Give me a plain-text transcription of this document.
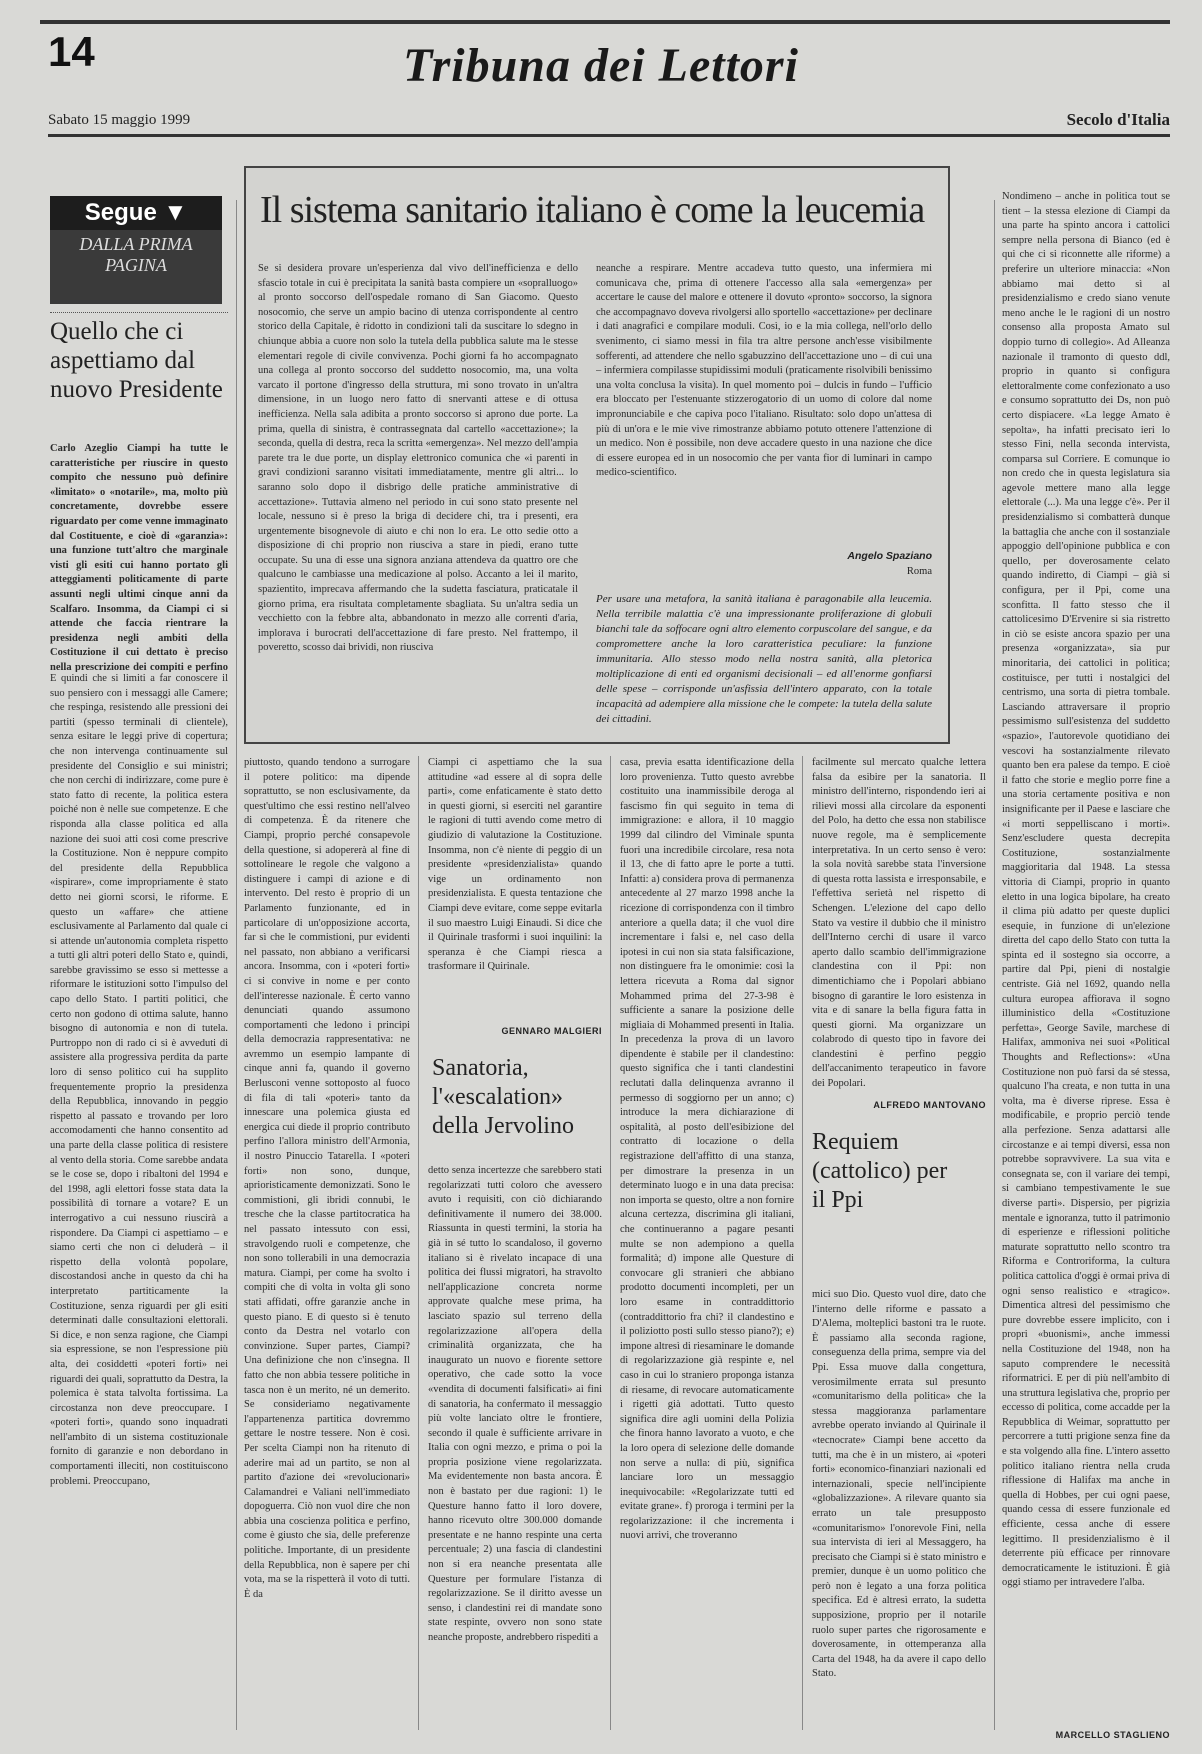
14	Tribuna dei Lettori
Sabato 15 maggio 1999	Secolo d'Italia
Segue ▼
DALLA PRIMA PAGINA
Quello che ci aspettiamo dal nuovo Presidente
Carlo Azeglio Ciampi ha tutte le caratteristiche per riuscire in questo compito che nessuno può definire «limitato» o «notarile», ma, molto più concretamente, dovrebbe essere riguardato per come venne immaginato dal Costituente, e cioè di «garanzia»: una funzione tutt'altro che marginale visti gli esiti cui hanno portato gli atteggiamenti politicamente di parte assunti negli ultimi cinque anni da Scalfaro. Insomma, da Ciampi ci si attende che faccia rientrare la presidenza negli ambiti della Costituzione il cui dettato è preciso nella prescrizione dei compiti e perfino
E quindi che si limiti a far conoscere il suo pensiero con i messaggi alle Camere; che respinga, resistendo alle pressioni dei partiti (spesso terminali di clientele), senza esitare le leggi prive di copertura; che non intervenga continuamente sul presidente del Consiglio e sui ministri; che non cerchi di indirizzare, come pure è stato fatto di recente, la politica estera poiché non è nelle sue competenze. E che risponda alla classe politica ed alla nazione dei suoi atti così come prescrive la Costituzione. Non è neppure compito del presidente della Repubblica «ispirare», come impropriamente è stato detto nei giorni scorsi, le riforme. E questo un «affare» che attiene esclusivamente al Parlamento dal quale ci si attende un'autonomia completa rispetto a tutti gli altri poteri dello Stato e, quindi, sarebbe gravissimo se esso si mettesse a riformare le istituzioni sotto l'impulso del capo dello Stato. I partiti politici, che certo non godono di ottima salute, hanno bisogno di autonomia e non di tutela. Purtroppo non di rado ci si è avveduti di assistere alla progressiva perdita da parte loro di senso politico cui ha supplito frequentemente proprio la presidenza della Repubblica, innovando in peggio rispetto al passato e trovando per loro accomodamenti che hanno consentito ad una parte della classe politica di resistere al vento della storia. Come sarebbe andata se le cose se, dopo i ribaltoni del 1994 e del 1998, agli elettori fosse stata data la possibilità di tornare a votare? E un interrogativo a cui nessuno riuscirà a rispondere. Da Ciampi ci aspettiamo – e siamo certi che non ci deluderà – il rispetto della volontà popolare, discostandosi anche in questo da chi ha interpretato partiticamente la Costituzione, senza riguardi per gli esiti determinati dalle consultazioni elettorali. Si dice, e non senza ragione, che Ciampi sia espressione, se non l'espressione più alta, dei cosiddetti «poteri forti» nei riguardi dei quali, soprattutto da Destra, la polemica è stata talvolta fortissima. La circostanza non deve preoccupare. I «poteri forti», quando sono inquadrati nell'ambito di un sistema costituzionale fornito di garanzie e non debordano in comportamenti illeciti, non costituiscono problemi. Preoccupano,
Il sistema sanitario italiano è come la leucemia
Se si desidera provare un'esperienza dal vivo dell'inefficienza e dello sfascio totale in cui è precipitata la sanità basta compiere un «sopralluogo» al pronto soccorso dell'ospedale romano di San Giacomo. Questo nosocomio, che serve un ampio bacino di utenza corrispondente al centro storico della Capitale, è ridotto in condizioni tali da suscitare lo sdegno in chiunque abbia a cuore non solo la tutela della pubblica salute ma le stesse elementari regole di civile convivenza. Pochi giorni fa ho accompagnato una collega al pronto soccorso del suddetto nosocomio, ma, una volta varcato il portone d'ingresso della struttura, mi sono trovato in un'altra dimensione, in un luogo nero fatto di snervanti attese e di ottusa inefficienza. Nella sala adibita a pronto soccorso si aprono due porte. La prima, quella di sinistra, è contrassegnata dal cartello «accettazione»; la seconda, quella di destra, reca la scritta «emergenza». Nel mezzo dell'ampia parete tra le due porte, un display elettronico comunica che «i parenti in gravi condizioni saranno visitati immediatamente, mentre gli altri... lo saranno solo dopo il disbrigo delle pratiche amministrative di accettazione». Tuttavia almeno nel periodo in cui sono stato presente nel locale, nessuno si è preso la briga di decidere chi, tra i presenti, era urgentemente bisognevole di aiuto e chi non lo era. Le otto sedie otto a disposizione di chi proprio non riusciva a stare in piedi, erano tutte occupate. Su una di esse una signora anziana attendeva da quattro ore che qualcuno le cambiasse una medicazione al polso. Accanto a lei il marito, spazientito, imprecava affermando che la sudetta fasciatura, praticatale il giorno prima, era risultata completamente sbagliata. Su un'altra sedia un vecchietto con la febbre alta, abbandonato in mezzo alle correnti d'aria, implorava i burocrati dell'accettazione di fare presto. Nel frattempo, il poveretto, scosso dai brividi, non riusciva
neanche a respirare. Mentre accadeva tutto questo, una infermiera mi comunicava che, prima di ottenere l'accesso alla sala «emergenza» per accertare le cause del malore e ottenere il dovuto «pronto» soccorso, la signora che accompagnavo doveva rivolgersi allo sportello «accettazione» per declinare i dati anagrafici e compilare moduli. Così, io e la mia collega, nell'orlo dello svenimento, ci siamo messi in fila tra altre persone anch'esse visibilmente sofferenti, ad attendere che nello sgabuzzino dell'accettazione uno – di cui una – infermiera compilasse stupidissimi moduli (praticamente risolvibili benissimo una volta conclusa la visita). In quel momento poi – dulcis in fundo – l'ufficio era bloccato per l'estenuante stizzerogatorio di un uomo di colore dal nome impronunciabile e che capiva poco l'italiano. Risultato: solo dopo un'attesa di più di un'ora e le mie vive rimostranze abbiamo potuto ottenere l'attenzione di un medico. Non è possibile, non deve accadere questo in una nazione che dice di essere europea ed in un nosocomio che per vanta fior di luminari in campo medico-scientifico.
Angelo Spaziano
Roma
Per usare una metafora, la sanità italiana è paragonabile alla leucemia. Nella terribile malattia c'è una impressionante proliferazione di globuli bianchi tale da soffocare ogni altro elemento corpuscolare del sangue, e da compromettere anche la loro caratteristica peculiare: la funzione immunitaria. Allo stesso modo nella nostra sanità, alla pletorica moltiplicazione di enti ed organismi decisionali – ed all'enorme gonfiarsi delle spese – corrisponde un'asfissia dell'intero apparato, con la totale incapacità ad adempiere alla missione che le compete: la tutela della salute dei cittadini.
piuttosto, quando tendono a surrogare il potere politico: ma dipende soprattutto, se non esclusivamente, da quest'ultimo che essi restino nell'alveo di competenza. È da ritenere che Ciampi, proprio perché consapevole della questione, si adopererà al fine di sottolineare le regole che valgono a distinguere i campi di azione e di intervento. Del resto è proprio di un Parlamento funzionante, ed in particolare di un'opposizione accorta, far sì che le commistioni, pur evidenti nel passato, non abbiano a verificarsi ancora. Insomma, con i «poteri forti» ci si convive in nome e per conto dell'interesse nazionale. È certo vanno denunciati quando assumono comportamenti che ledono i principi della democrazia rappresentativa: ne avremmo un esempio lampante di cinque anni fa, quando il governo Berlusconi venne sottoposto al fuoco di fila di tali «poteri» tanto da innescare una polemica giusta ed energica cui diede il proprio contributo perfino l'allora ministro dell'Armonia, il nostro Pinuccio Tatarella. I «poteri forti» non sono, dunque, aprioristicamente demonizzati. Sono le commistioni, gli ibridi connubi, le tresche che la classe partitocratica ha nel passato intessuto con essi, stravolgendo ruoli e competenze, che non sono tollerabili in una democrazia matura. Ciampi, per come ha svolto i compiti che di volta in volta gli sono stati affidati, offre garanzie anche in questo piano. E di questo si è tenuto conto da Destra nel votarlo con convinzione. Super partes, Ciampi? Una definizione che non c'insegna. Il fatto che non abbia tessere politiche in tasca non è un merito, né un demerito. Se consideriamo negativamente l'appartenenza partitica dovremmo gettare le nostre tessere. Non è così. Per scelta Ciampi non ha ritenuto di aderire mai ad un partito, se non al partito d'azione dei «revolucionari» Calamandrei e Valiani nell'immediato dopoguerra. Ciò non vuol dire che non abbia una coscienza politica e perfino, come è giusto che sia, delle preferenze politiche. Importante, di un presidente della Repubblica, non è sapere per chi vota, ma se la rispetterà il voto di tutti. È da
Ciampi ci aspettiamo che la sua attitudine «ad essere al di sopra delle parti», come enfaticamente è stato detto in questi giorni, si eserciti nel garantire le ragioni di tutti avendo come metro di giudizio di valutazione la Costituzione. Insomma, non c'è niente di peggio di un presidente «presidenzialista» quando vige un ordinamento non presidenzialista. E questa tentazione che Ciampi deve evitare, come seppe evitarla il suo maestro Luigi Einaudi. Si dice che il Quirinale trasformi i suoi inquilini: la speranza è che Ciampi riesca a trasformare il Quirinale.
GENNARO MALGIERI
Sanatoria, l'«escalation» della Jervolino
detto senza incertezze che sarebbero stati regolarizzati tutti coloro che avessero avuto i requisiti, con ciò dichiarando definitivamente il numero dei 38.000. Riassunta in questi termini, la storia ha già in sé tutto lo scandaloso, il governo italiano si è rivelato incapace di una politica dei flussi migratori, ha stravolto nell'applicazione concreta norme approvate qualche mese prima, ha lasciato spazio sul terreno della regolarizzazione all'opera della criminalità organizzata, che ha inaugurato un nuovo e fiorente settore operativo, che cade sotto la voce «vendita di documenti falsificati» ai fini di sanatoria, ha confermato il messaggio più volte lanciato oltre le frontiere, secondo il quale è sufficiente arrivare in Italia con ogni mezzo, e prima o poi la propria posizione viene regolarizzata. Ma evidentemente non basta ancora. È non è bastato per due ragioni: 1) le Questure hanno fatto il loro dovere, hanno ricevuto oltre 300.000 domande presentate e ne hanno respinte una certa percentuale; 2) una fascia di clandestini non si era neanche presentata alle Questure per formulare l'istanza di regolarizzazione. Se il diritto avesse un senso, i clandestini rei di mandate sono state respinte, ovvero non sono state neanche proposte, andrebbero rispediti a
casa, previa esatta identificazione della loro provenienza. Tutto questo avrebbe costituito una inammissibile deroga al fascismo fin qui seguito in tema di immigrazione: e allora, il 10 maggio 1999 dal cilindro del Viminale spunta fuori una incredibile circolare, resa nota il 13, che di fatto apre le porte a tutti. Infatti: a) considera prova di permanenza antecedente al 27 marzo 1998 anche la ricezione di corrispondenza con il timbro anteriore a quella data; il che vuol dire incrementare i falsi e, nel caso della ipotesi in cui non sia stata falsificazione, non distinguere fra le omonimie: così la lettera ricevuta a Roma dal signor Mohammed prima del 27-3-98 è sufficiente a sanare la posizione delle migliaia di Mohammed presenti in Italia. In precedenza la prova di un lavoro dipendente è stabile per il clandestino: questo significa che i tanti clandestini reclutati dalla delinquenza avranno il permesso di soggiorno per un anno; c) introduce la mera dichiarazione di ospitalità, al posto dell'esibizione del contratto di locazione o della registrazione dell'affitto di una stanza, per dimostrare la presenza in un determinato luogo e in una data precisa: non importa se questo, oltre a non fornire alcuna certezza, discrimina gli italiani, che continueranno a pagare pesanti multe se non adempiono a quella formalità; d) impone alle Questure di convocare gli stranieri che abbiano prodotto documenti incompleti, per un loro esame in contraddittorio (contraddittorio fra chi? il clandestino e il poliziotto posti sullo stesso piano?); e) impone altresì di riesaminare le domande di regolarizzazione già respinte e, nel caso in cui lo straniero proponga istanza di riesame, di revocare automaticamente i rigetti già adottati. Tutto questo significa dire agli uomini della Polizia che finora hanno lavorato a vuoto, e che la loro opera di selezione delle domande non serve a nulla: di più, significa lanciare loro un messaggio inequivocabile: «Regolarizzate tutti ed evitate grane». f) proroga i termini per la regolarizzazione: il che incrementa i nuovi arrivi, che troveranno
facilmente sul mercato qualche lettera falsa da esibire per la sanatoria. Il ministro dell'interno, rispondendo ieri ai rilievi mossi alla circolare da esponenti del Polo, ha detto che essa non stabilisce nuove regole, ma è semplicemente interpretativa. In un certo senso è vero: la sola novità sarebbe stata l'inversione di questa rotta lassista e irresponsabile, e l'effettiva serietà nel rispetto di Schengen. L'elezione del capo dello Stato va vestire il dubbio che il ministro dell'Interno cerchi di usare il varco aperto dallo scambio dell'immigrazione clandestina con il Ppi: non dimentichiamo che i Popolari abbiano bisogno di garantire le loro esistenza in vita e di sanare la bella figura fatta in questi giorni. Ma organizzare un colabrodo di questo tipo in favore dei clandestini è perfino peggio dell'accanimento terapeutico in favore dei Popolari.
ALFREDO MANTOVANO
Requiem (cattolico) per il Ppi
mici suo Dio. Questo vuol dire, dato che l'interno delle riforme e passato a D'Alema, molteplici bastoni tra le ruote. È passiamo alla seconda ragione, conseguenza della prima, sempre via del Ppi. Essa muove dalla congettura, verosimilmente errata sul presunto «comunitarismo della politica» che la stessa maggioranza parlamentare avrebbe operato inviando al Quirinale il «tecnocrate» Ciampi bene accetto da tutti, ma che è in un mistero, ai «poteri forti» economico-finanziari nazionali ed internazionali, specie nell'incipiente «globalizzazione». A rilevare quanto sia errato un tale presupposto «comunitarismo» l'onorevole Fini, nella sua intervista di ieri al Messaggero, ha precisato che Ciampi si è stato ministro e premier, dunque è un uomo politico che però non è legato a una forza politica specifica. Ed è altresì errato, la sudetta supposizione, proprio per il notarile ruolo super partes che rigorosamente e doverosamente, in ottemperanza alla Carta del 1948, ha da avere il capo dello Stato.
Nondimeno – anche in politica tout se tient – la stessa elezione di Ciampi da una parte ha spinto ancora i cattolici sempre nella persona di Bianco (ed è qui che ci si riconnette alle riforme) a preferire un ulteriore minaccia: «Non abbiamo mai detto sì al presidenzialismo e credo siano venute meno anche le le ragioni di un nostro consenso alla proposta Amato sul doppio turno di collegio». Ad Alleanza nazionale il tramonto di questo ddl, proprio in quanto si configura elettoralmente come confezionato a uso e consumo soprattutto dei Ds, non può certo dispiacere. «La legge Amato è sepolta», ha infatti precisato ieri lo stesso Fini, nella seconda intervista, comparsa sul Corriere. E comunque io non credo che in questa legislatura sia agevole mettere mano alla legge elettorale (...). Ma una legge c'è». Per il presidenzialismo si combatterà dunque la battaglia che anche con il sostanziale appoggio dell'opinione pubblica e con quello, per doverosamente celato quando indiretto, di Ciampi – già si configura, per il Ppi, come una sconfitta. Il fatto stesso che il cattolicesimo D'Ervenire si sia ristretto in ciò se esiste ancora spazio per una presenza «organizzata», sia pur minoritaria, dei cattolici in politica; costituisce, per tutti i nostalgici del centrismo, una sorta di pietra tombale. Lasciando attraversare il proprio pessimismo sull'esistenza del suddetto «spazio», l'autorevole quotidiano dei vescovi ha sostanzialmente rilevato quanto ben era palese da tempo. E cioè il fatto che storie e meglio porre fine a una storia certamente positiva e non insignificante per il Paese e lasciare che «i morti seppelliscano i morti». Senz'escludere questa decrepita Costituzione, sostanzialmente maggioritaria dal 1948. La stessa vittoria di Ciampi, proprio in quanto eletto in una logica bipolare, ha creato il clima più adatto per queste duplici esequie, in funzione di un'elezione diretta del capo dello Stato con tutta la spinta ed il sostegno sia occorre, a partire dal Ppi, pieni di nostalgie centriste. Già nel 1692, quando nella cultura europea affiorava il sogno illuministico della «Costituzione perfetta», George Savile, marchese di Halifax, ammoniva nei suoi «Political Thoughts and Reflections»: «Una Costituzione non può farsi da sé stessa, qualcuno l'ha creata, e non tutta in una volta, ma è diverse riprese. Essa è modificabile, e proprio perciò tende alla perfezione. Senza adattarsi alle circostanze e ai tempi diversi, essa non potrebbe sopravvivere. La sua vita e consegnata se, con il variare dei tempi, si cambiano tempestivamente le sue diverse parti». Dispersio, per pigrizia mentale e ignoranza, tutto il patrimonio di esperienze e riflessioni politiche maturate soprattutto nello scontro tra Riforma e Controriforma, la cultura politica cattolica d'oggi è ormai priva di ogni senso realistico e «tragico». Dimentica altresì del pessimismo che pure dovrebbe essere implicito, con i propri «buonismi», anche immessi nella Costituzione del 1948, non ha saputo comprendere le necessità riformatrici. E per di più nell'ambito di una struttura legislativa che, proprio per eccesso di politica, come accadde per la Repubblica di Weimar, soprattutto per percorrere a tutti prigione senza fine da e sta volgendo alla fine. L'intero assetto politico italiano rientra nella cruda riflessione di Halifax ma anche in quella di Hobbes, per cui ogni paese, quando cessa di essere funzionale ed efficiente, cessa anche di essere legittimo. Il presidenzialismo è il deterrente più efficace per rinnovare democraticamente le istituzioni. È già oggi stiamo per intravedere l'alba.
MARCELLO STAGLIENO
